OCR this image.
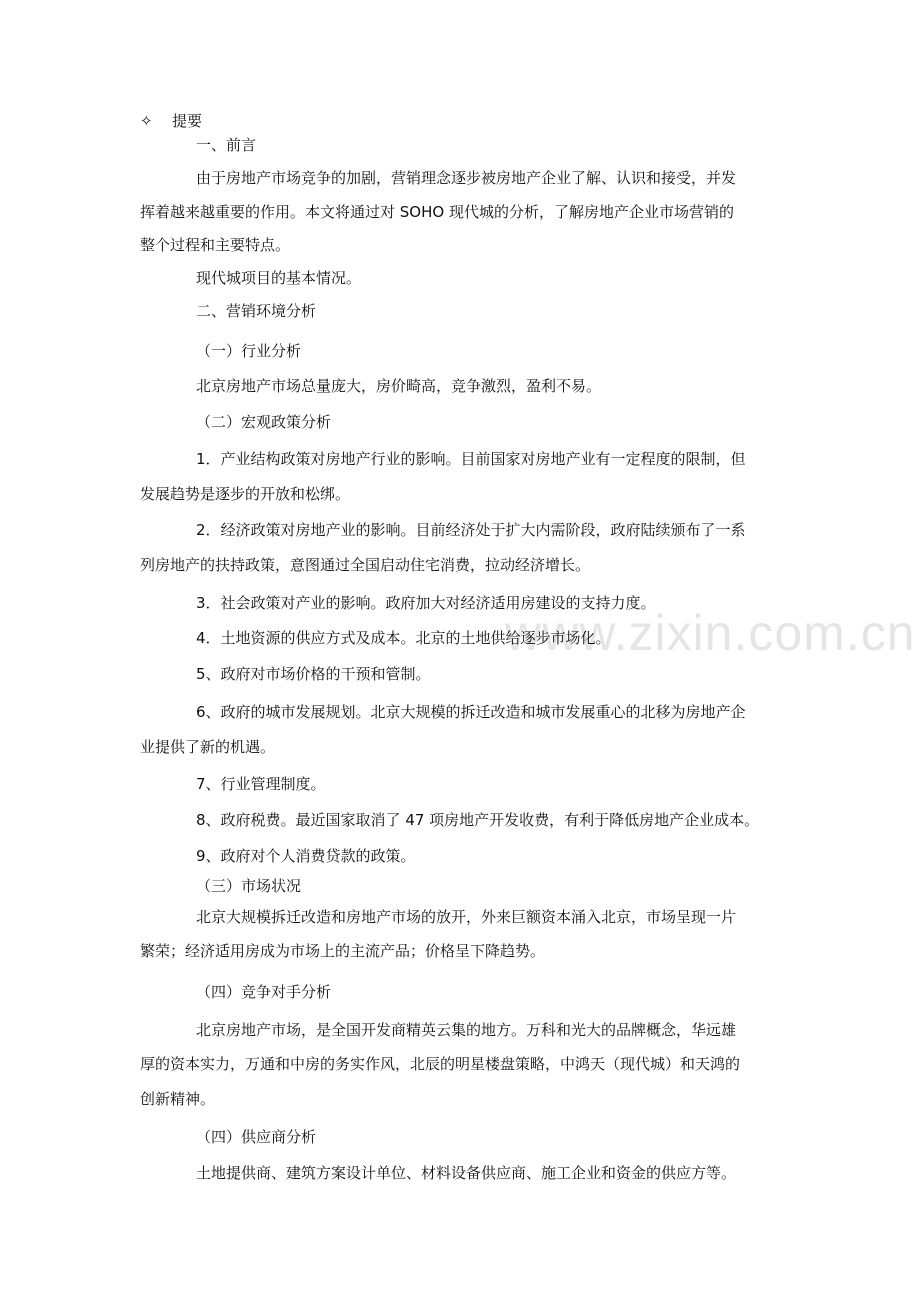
✧ 提要
一、前言
由于房地产市场竞争的加剧，营销理念逐步被房地产企业了解、认识和接受，并发
挥着越来越重要的作用。本文将通过对 SOHO 现代城的分析，了解房地产企业市场营销的
整个过程和主要特点。
现代城项目的基本情况。
二、营销环境分析
（一）行业分析
北京房地产市场总量庞大，房价畸高，竞争激烈，盈利不易。
（二）宏观政策分析
1．产业结构政策对房地产行业的影响。目前国家对房地产业有一定程度的限制，但
发展趋势是逐步的开放和松绑。
2．经济政策对房地产业的影响。目前经济处于扩大内需阶段，政府陆续颁布了一系
列房地产的扶持政策，意图通过全国启动住宅消费，拉动经济增长。
3．社会政策对产业的影响。政府加大对经济适用房建设的支持力度。
4．土地资源的供应方式及成本。北京的土地供给逐步市场化。
5、政府对市场价格的干预和管制。
6、政府的城市发展规划。北京大规模的拆迁改造和城市发展重心的北移为房地产企
业提供了新的机遇。
7、行业管理制度。
8、政府税费。最近国家取消了 47 项房地产开发收费，有利于降低房地产企业成本。
9、政府对个人消费贷款的政策。
（三）市场状况
北京大规模拆迁改造和房地产市场的放开，外来巨额资本涌入北京，市场呈现一片
繁荣；经济适用房成为市场上的主流产品；价格呈下降趋势。
（四）竞争对手分析
北京房地产市场，是全国开发商精英云集的地方。万科和光大的品牌概念，华远雄
厚的资本实力，万通和中房的务实作风，北辰的明星楼盘策略，中鸿天（现代城）和天鸿的
创新精神。
（四）供应商分析
土地提供商、建筑方案设计单位、材料设备供应商、施工企业和资金的供应方等。
www.zixin.com.cn
